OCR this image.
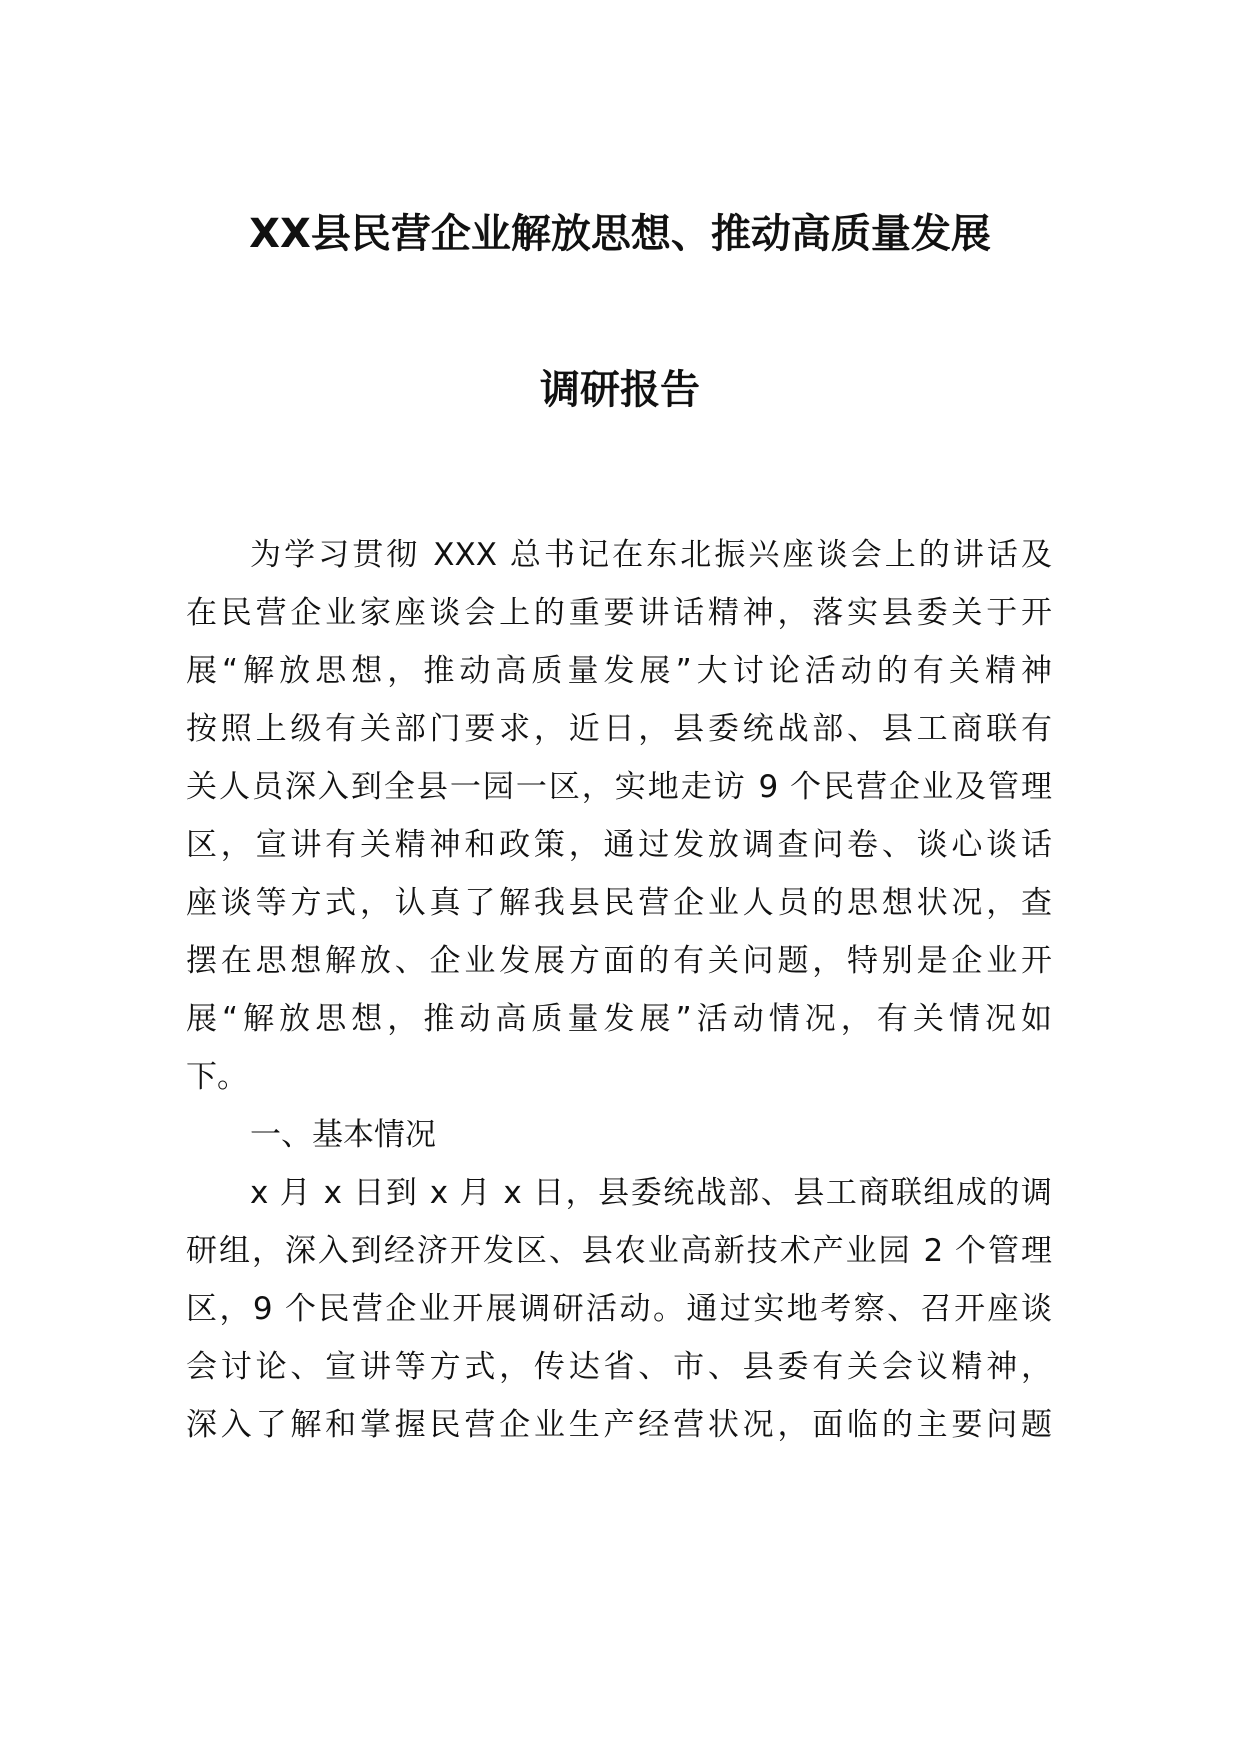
XX县民营企业解放思想、推动高质量发展
调研报告
为学习贯彻 XXX 总书记在东北振兴座谈会上的讲话及
在民营企业家座谈会上的重要讲话精神，落实县委关于开
展“解放思想，推动高质量发展”大讨论活动的有关精神
按照上级有关部门要求，近日，县委统战部、县工商联有
关人员深入到全县一园一区，实地走访 9 个民营企业及管理
区，宣讲有关精神和政策，通过发放调查问卷、谈心谈话
座谈等方式，认真了解我县民营企业人员的思想状况，查
摆在思想解放、企业发展方面的有关问题，特别是企业开
展“解放思想，推动高质量发展”活动情况，有关情况如
下。
一、基本情况
x 月 x 日到 x 月 x 日，县委统战部、县工商联组成的调
研组，深入到经济开发区、县农业高新技术产业园 2 个管理
区，9 个民营企业开展调研活动。通过实地考察、召开座谈
会讨论、宣讲等方式，传达省、市、县委有关会议精神，
深入了解和掌握民营企业生产经营状况，面临的主要问题
